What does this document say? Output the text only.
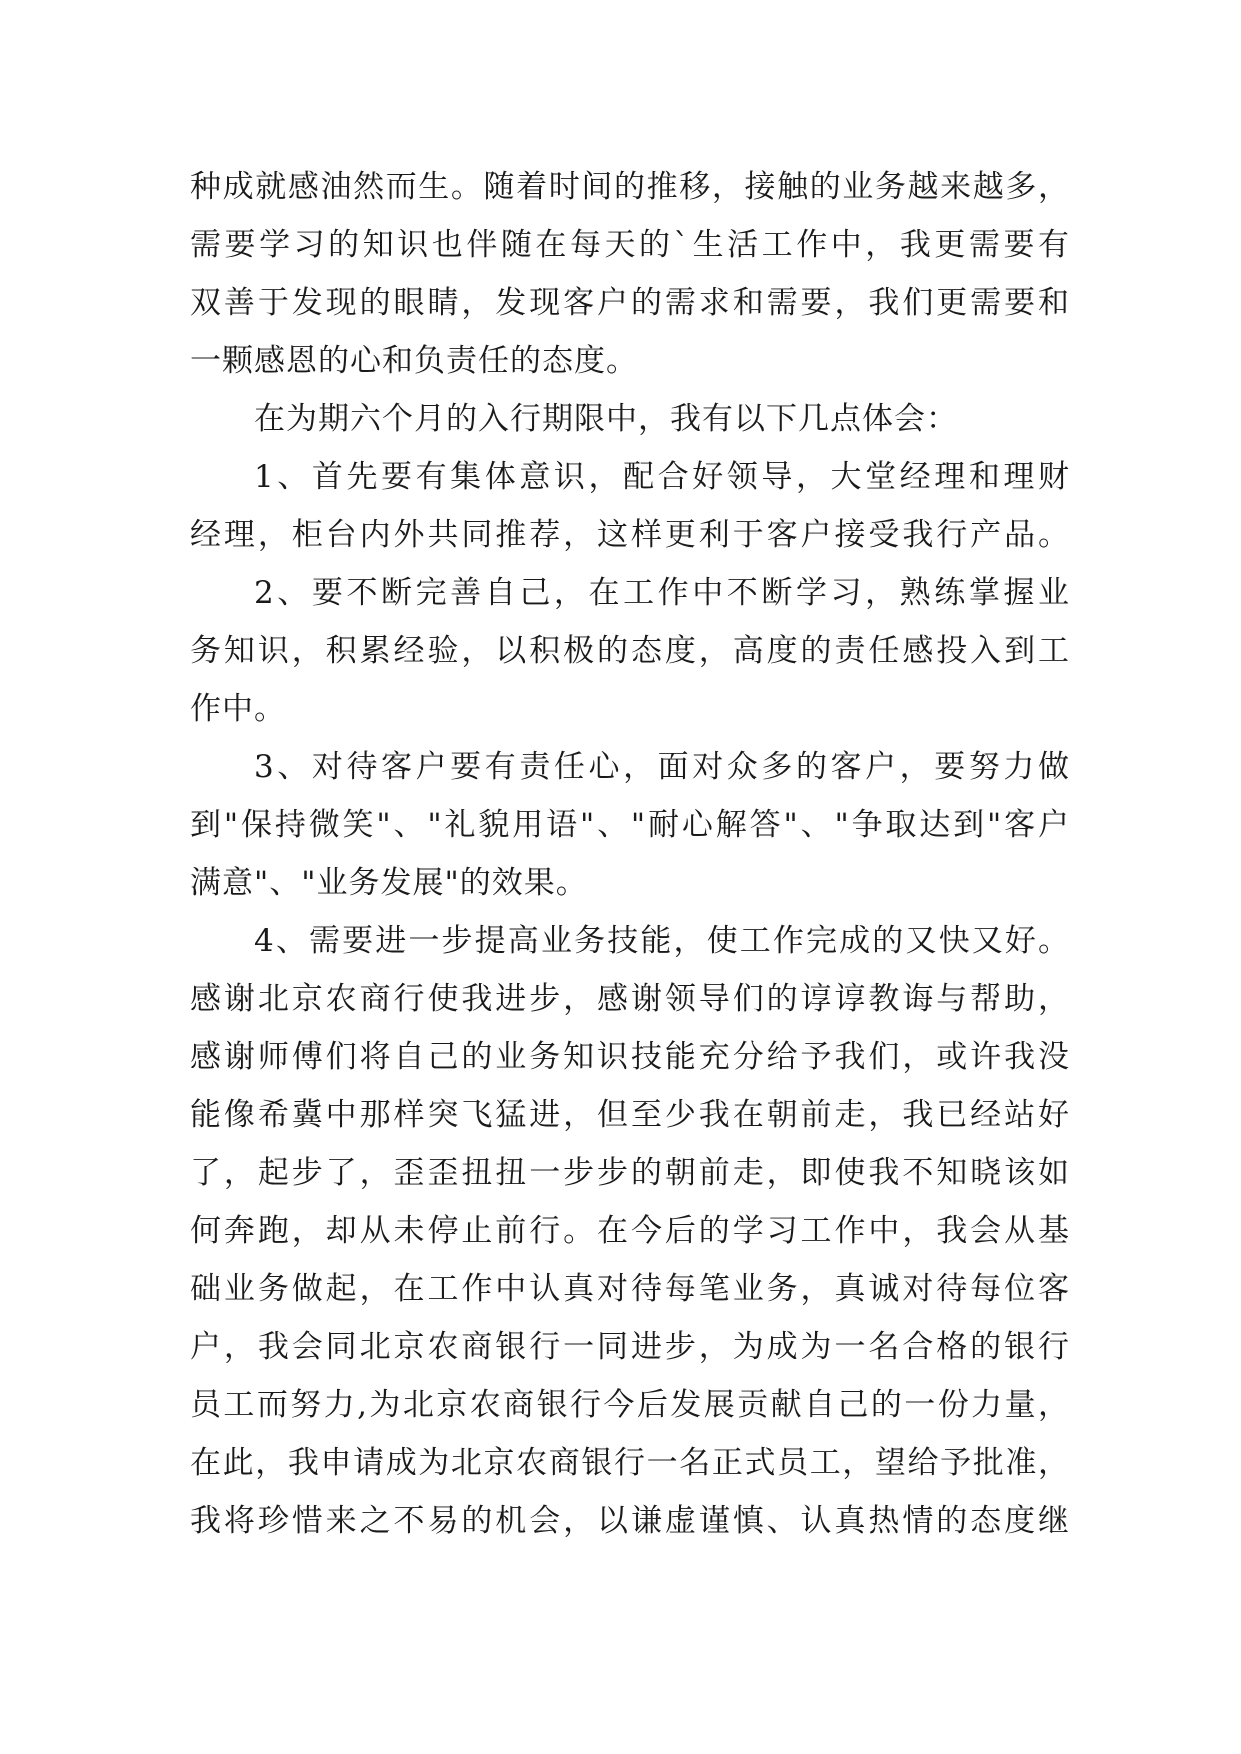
种成就感油然而生。随着时间的推移，接触的业务越来越多，
需要学习的知识也伴随在每天的`生活工作中，我更需要有
双善于发现的眼睛，发现客户的需求和需要，我们更需要和
一颗感恩的心和负责任的态度。
在为期六个月的入行期限中，我有以下几点体会：
1、首先要有集体意识，配合好领导，大堂经理和理财
经理，柜台内外共同推荐，这样更利于客户接受我行产品。
2、要不断完善自己，在工作中不断学习，熟练掌握业
务知识，积累经验，以积极的态度，高度的责任感投入到工
作中。
3、对待客户要有责任心，面对众多的客户，要努力做
到"保持微笑"、"礼貌用语"、"耐心解答"、"争取达到"客户
满意"、"业务发展"的效果。
4、需要进一步提高业务技能，使工作完成的又快又好。
感谢北京农商行使我进步，感谢领导们的谆谆教诲与帮助，
感谢师傅们将自己的业务知识技能充分给予我们，或许我没
能像希冀中那样突飞猛进，但至少我在朝前走，我已经站好
了，起步了，歪歪扭扭一步步的朝前走，即使我不知晓该如
何奔跑，却从未停止前行。在今后的学习工作中，我会从基
础业务做起，在工作中认真对待每笔业务，真诚对待每位客
户，我会同北京农商银行一同进步，为成为一名合格的银行
员工而努力,为北京农商银行今后发展贡献自己的一份力量，
在此，我申请成为北京农商银行一名正式员工，望给予批准，
我将珍惜来之不易的机会，以谦虚谨慎、认真热情的态度继
